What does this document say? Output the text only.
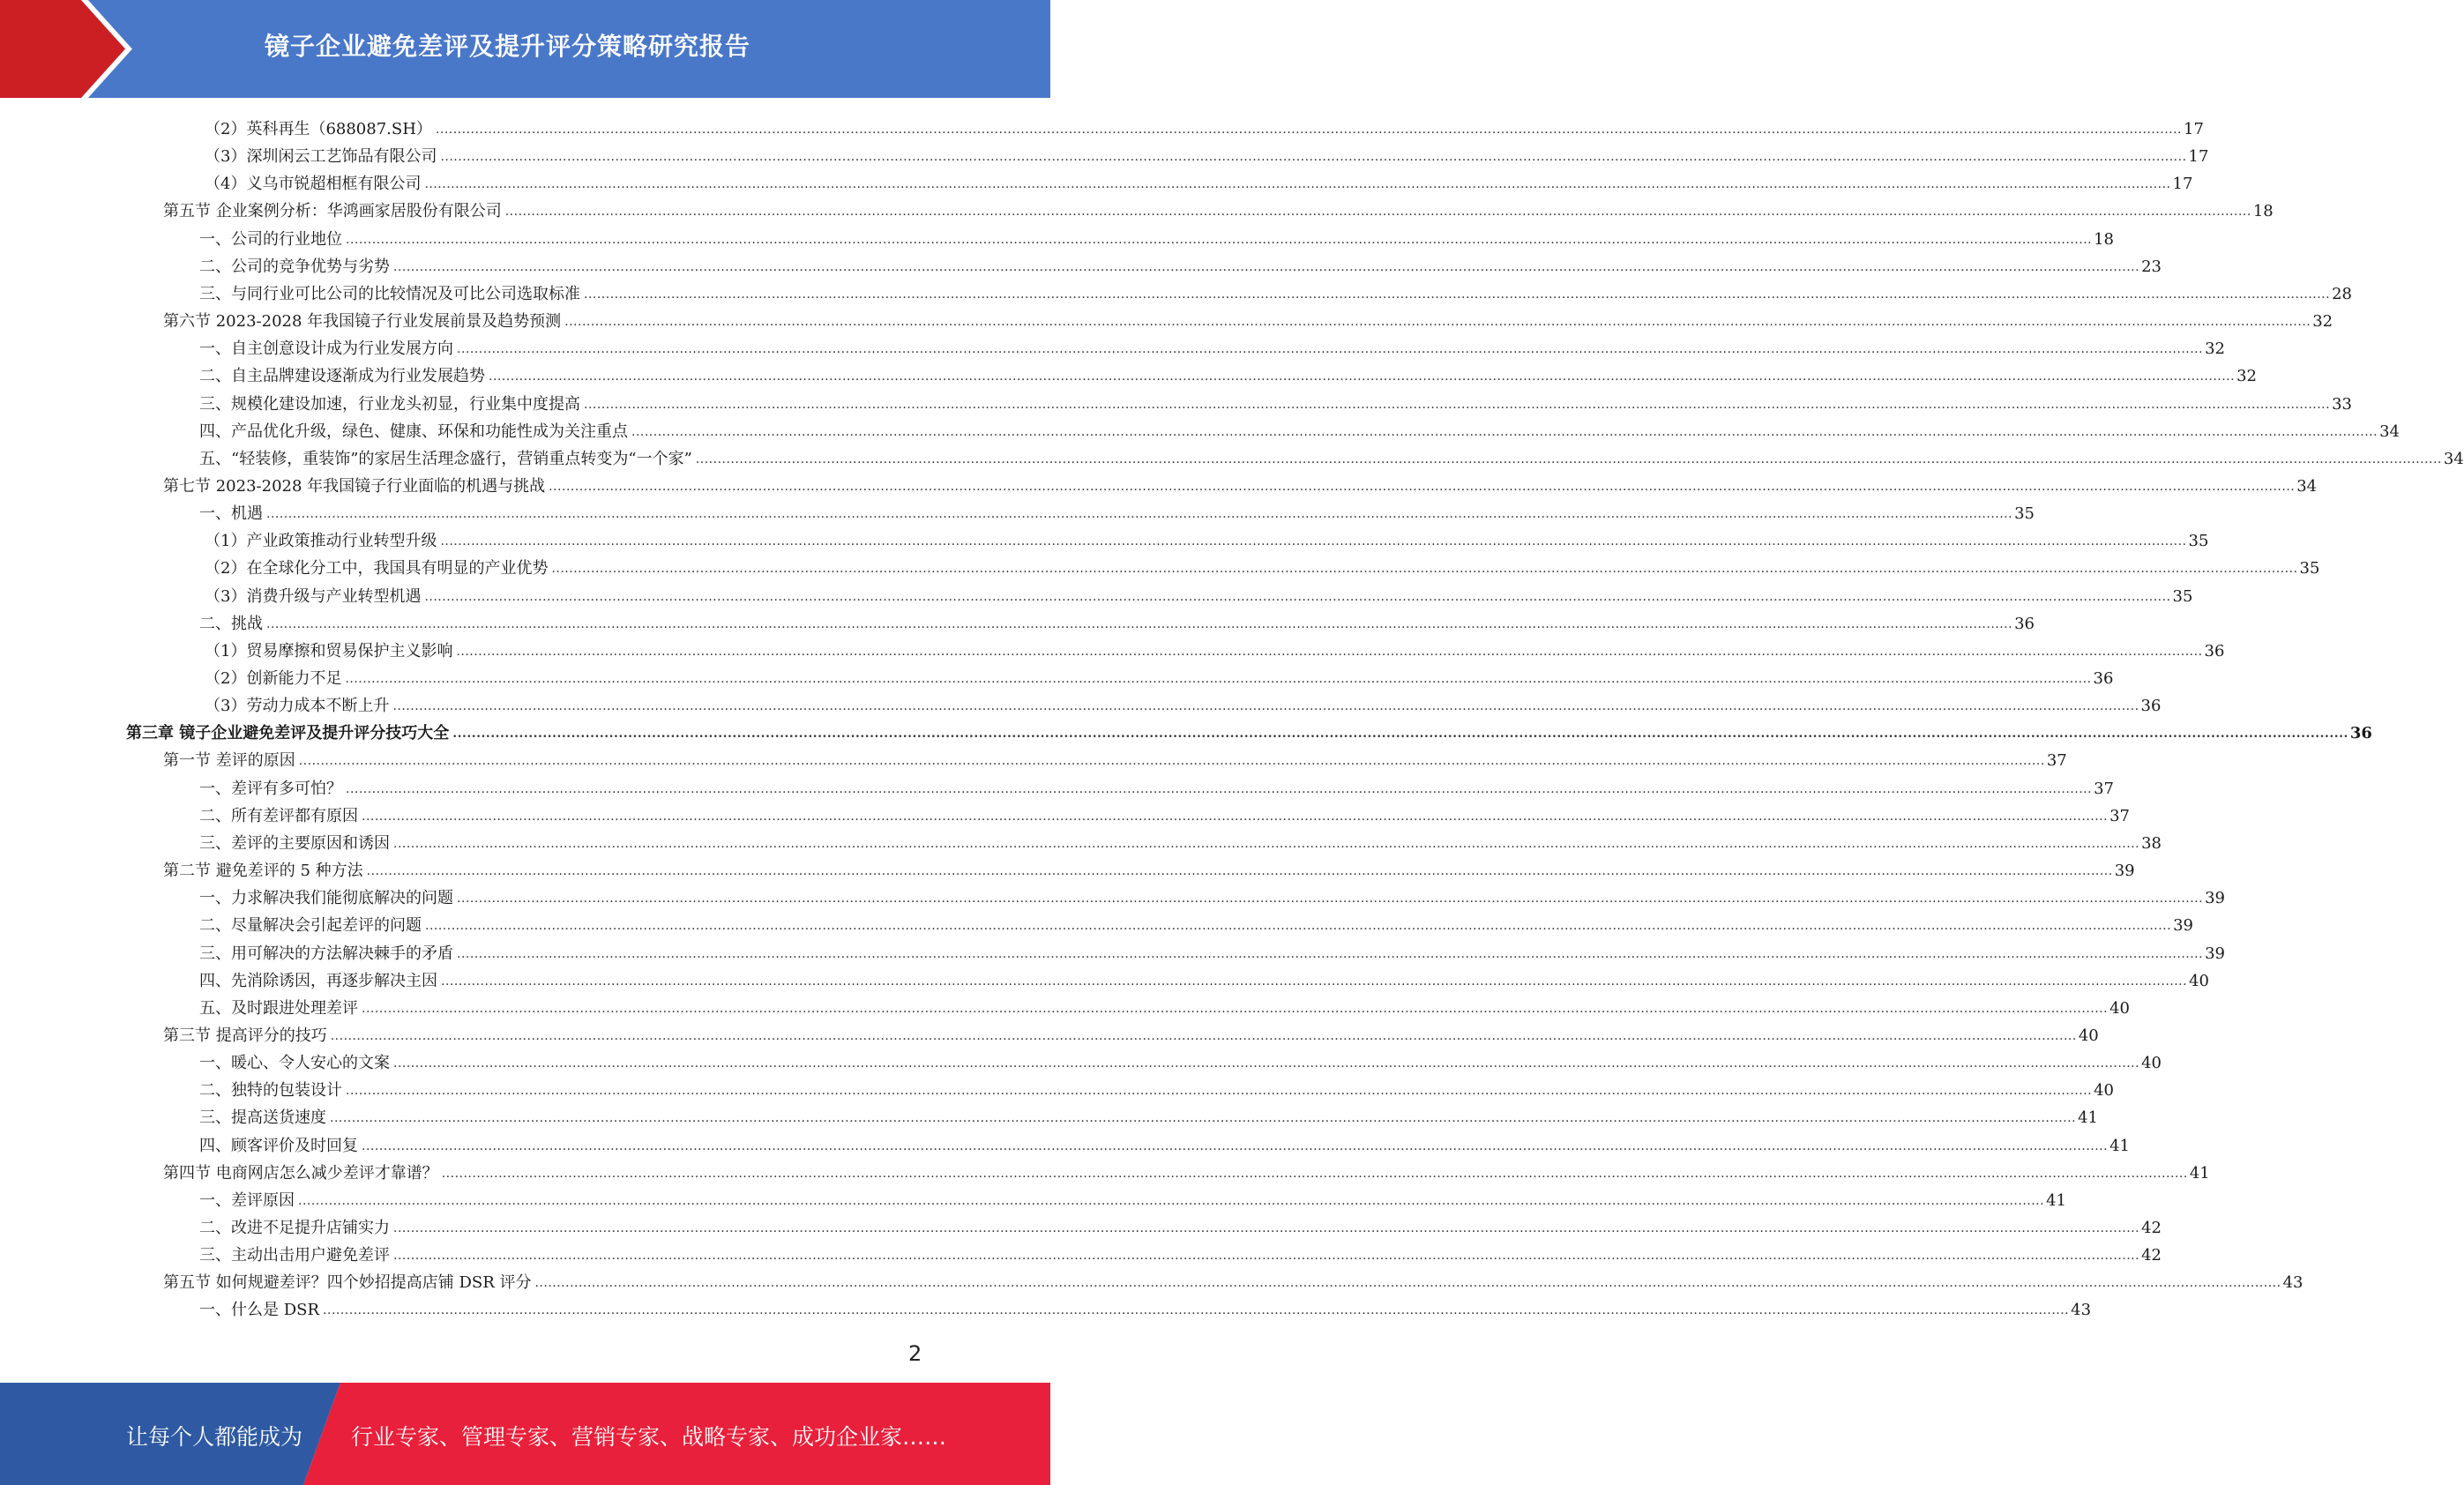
镜子企业避免差评及提升评分策略研究报告
（2）英科再生（688087.SH） ................................................................................................................................................................................................................................................................................................................................................................................................................ 17
（3）深圳闲云工艺饰品有限公司 ................................................................................................................................................................................................................................................................................................................................................................................................................ 17
（4）义乌市锐超相框有限公司 ................................................................................................................................................................................................................................................................................................................................................................................................................ 17
第五节 企业案例分析：华鸿画家居股份有限公司 ................................................................................................................................................................................................................................................................................................................................................................................................................ 18
一、公司的行业地位 ................................................................................................................................................................................................................................................................................................................................................................................................................ 18
二、公司的竞争优势与劣势 ................................................................................................................................................................................................................................................................................................................................................................................................................ 23
三、与同行业可比公司的比较情况及可比公司选取标准 ................................................................................................................................................................................................................................................................................................................................................................................................................ 28
第六节 2023-2028 年我国镜子行业发展前景及趋势预测 ................................................................................................................................................................................................................................................................................................................................................................................................................ 32
一、自主创意设计成为行业发展方向 ................................................................................................................................................................................................................................................................................................................................................................................................................ 32
二、自主品牌建设逐渐成为行业发展趋势 ................................................................................................................................................................................................................................................................................................................................................................................................................ 32
三、规模化建设加速，行业龙头初显，行业集中度提高 ................................................................................................................................................................................................................................................................................................................................................................................................................ 33
四、产品优化升级，绿色、健康、环保和功能性成为关注重点 ................................................................................................................................................................................................................................................................................................................................................................................................................ 34
五、“轻装修，重装饰”的家居生活理念盛行，营销重点转变为“一个家” ................................................................................................................................................................................................................................................................................................................................................................................................................ 34
第七节 2023-2028 年我国镜子行业面临的机遇与挑战 ................................................................................................................................................................................................................................................................................................................................................................................................................ 34
一、机遇 ................................................................................................................................................................................................................................................................................................................................................................................................................ 35
（1）产业政策推动行业转型升级 ................................................................................................................................................................................................................................................................................................................................................................................................................ 35
（2）在全球化分工中，我国具有明显的产业优势 ................................................................................................................................................................................................................................................................................................................................................................................................................ 35
（3）消费升级与产业转型机遇 ................................................................................................................................................................................................................................................................................................................................................................................................................ 35
二、挑战 ................................................................................................................................................................................................................................................................................................................................................................................................................ 36
（1）贸易摩擦和贸易保护主义影响 ................................................................................................................................................................................................................................................................................................................................................................................................................ 36
（2）创新能力不足 ................................................................................................................................................................................................................................................................................................................................................................................................................ 36
（3）劳动力成本不断上升 ................................................................................................................................................................................................................................................................................................................................................................................................................ 36
第三章 镜子企业避免差评及提升评分技巧大全 ................................................................................................................................................................................................................................................................................................................................................................................................................ 36
第一节 差评的原因 ................................................................................................................................................................................................................................................................................................................................................................................................................ 37
一、差评有多可怕？ ................................................................................................................................................................................................................................................................................................................................................................................................................ 37
二、所有差评都有原因 ................................................................................................................................................................................................................................................................................................................................................................................................................ 37
三、差评的主要原因和诱因 ................................................................................................................................................................................................................................................................................................................................................................................................................ 38
第二节 避免差评的 5 种方法 ................................................................................................................................................................................................................................................................................................................................................................................................................ 39
一、力求解决我们能彻底解决的问题 ................................................................................................................................................................................................................................................................................................................................................................................................................ 39
二、尽量解决会引起差评的问题 ................................................................................................................................................................................................................................................................................................................................................................................................................ 39
三、用可解决的方法解决棘手的矛盾 ................................................................................................................................................................................................................................................................................................................................................................................................................ 39
四、先消除诱因，再逐步解决主因 ................................................................................................................................................................................................................................................................................................................................................................................................................ 40
五、及时跟进处理差评 ................................................................................................................................................................................................................................................................................................................................................................................................................ 40
第三节 提高评分的技巧 ................................................................................................................................................................................................................................................................................................................................................................................................................ 40
一、暖心、令人安心的文案 ................................................................................................................................................................................................................................................................................................................................................................................................................ 40
二、独特的包装设计 ................................................................................................................................................................................................................................................................................................................................................................................................................ 40
三、提高送货速度 ................................................................................................................................................................................................................................................................................................................................................................................................................ 41
四、顾客评价及时回复 ................................................................................................................................................................................................................................................................................................................................................................................................................ 41
第四节 电商网店怎么减少差评才靠谱？ ................................................................................................................................................................................................................................................................................................................................................................................................................ 41
一、差评原因 ................................................................................................................................................................................................................................................................................................................................................................................................................ 41
二、改进不足提升店铺实力 ................................................................................................................................................................................................................................................................................................................................................................................................................ 42
三、主动出击用户避免差评 ................................................................................................................................................................................................................................................................................................................................................................................................................ 42
第五节 如何规避差评？四个妙招提高店铺 DSR 评分 ................................................................................................................................................................................................................................................................................................................................................................................................................ 43
一、什么是 DSR ................................................................................................................................................................................................................................................................................................................................................................................................................ 43
2
让每个人都能成为 行业专家、管理专家、营销专家、战略专家、成功企业家……
